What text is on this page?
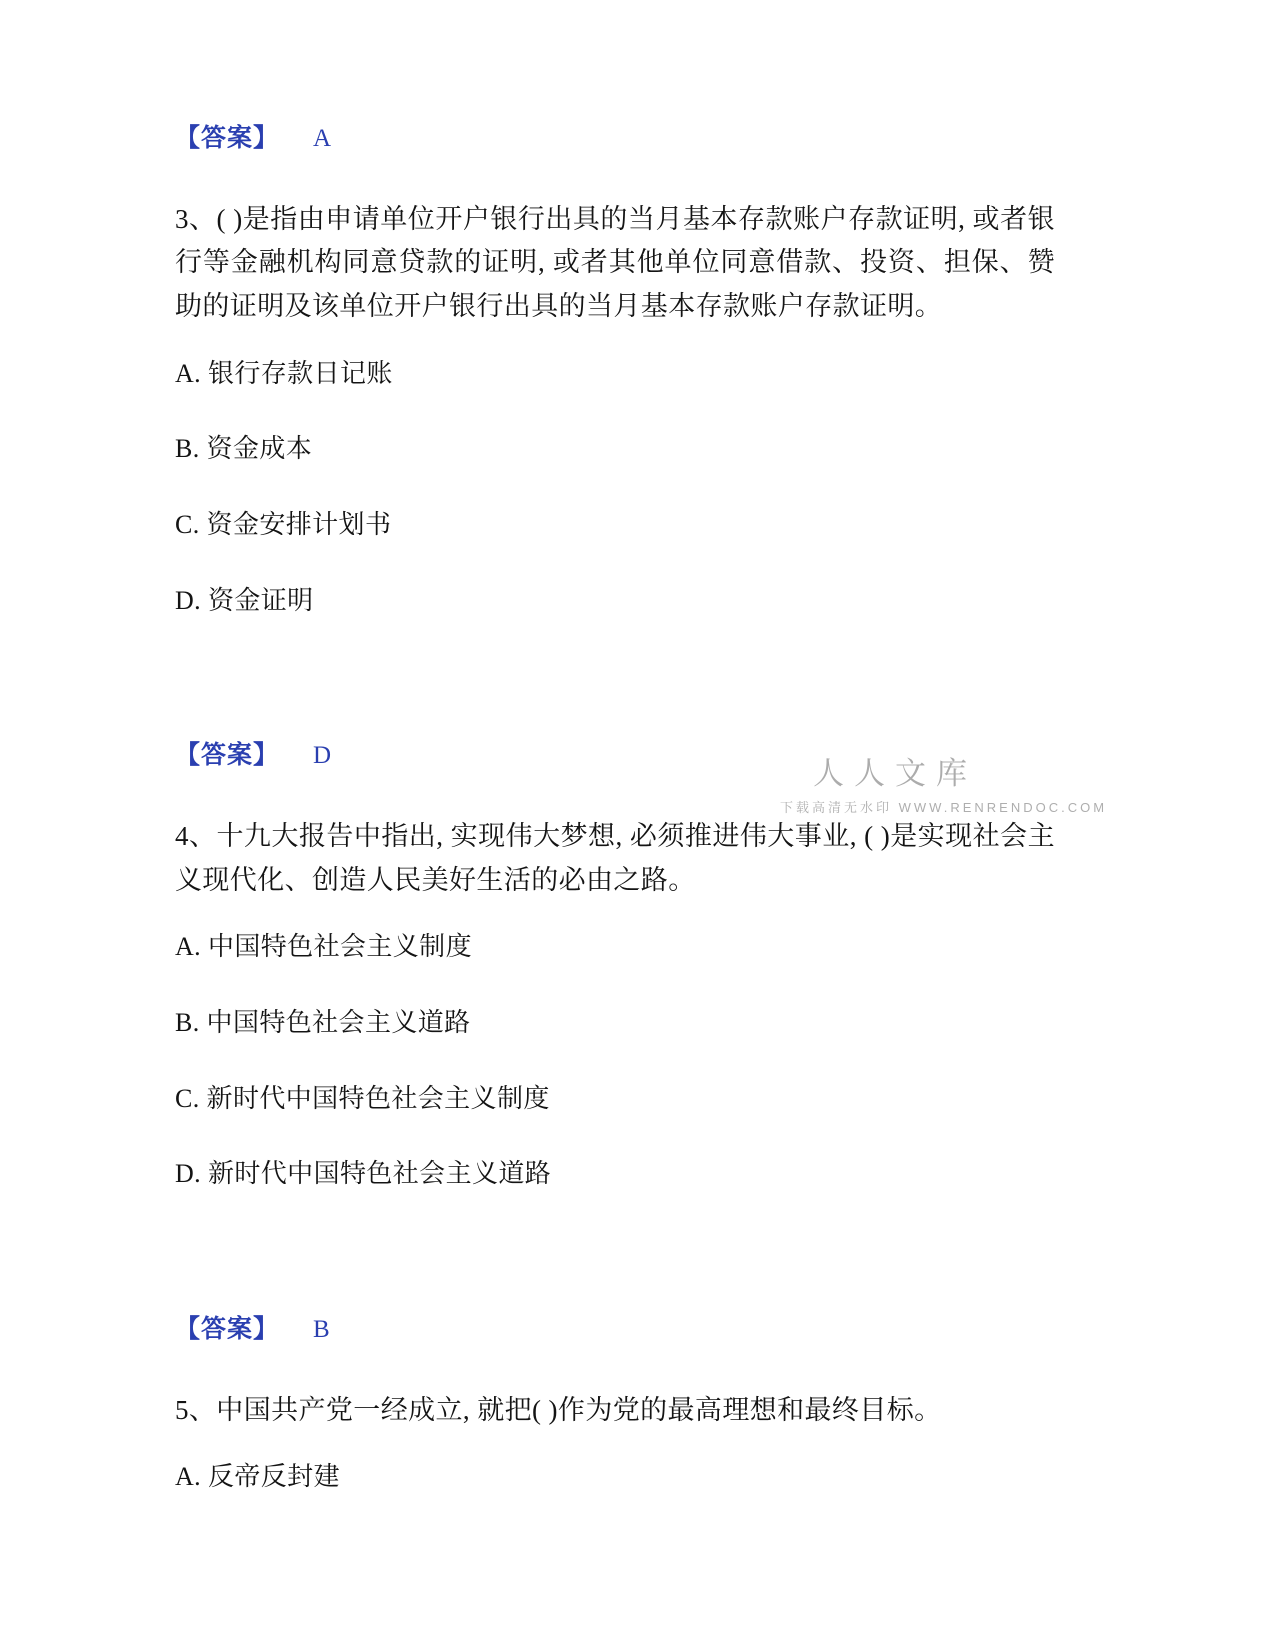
【答案】 A
3、( )是指由申请单位开户银行出具的当月基本存款账户存款证明, 或者银行等金融机构同意贷款的证明, 或者其他单位同意借款、投资、担保、赞助的证明及该单位开户银行出具的当月基本存款账户存款证明。
A. 银行存款日记账
B. 资金成本
C. 资金安排计划书
D. 资金证明
【答案】 D
4、十九大报告中指出, 实现伟大梦想, 必须推进伟大事业, ( )是实现社会主义现代化、创造人民美好生活的必由之路。
A. 中国特色社会主义制度
B. 中国特色社会主义道路
C. 新时代中国特色社会主义制度
D. 新时代中国特色社会主义道路
【答案】 B
5、中国共产党一经成立, 就把( )作为党的最高理想和最终目标。
A. 反帝反封建
人人文库
下载高清无水印 WWW.RENRENDOC.COM
